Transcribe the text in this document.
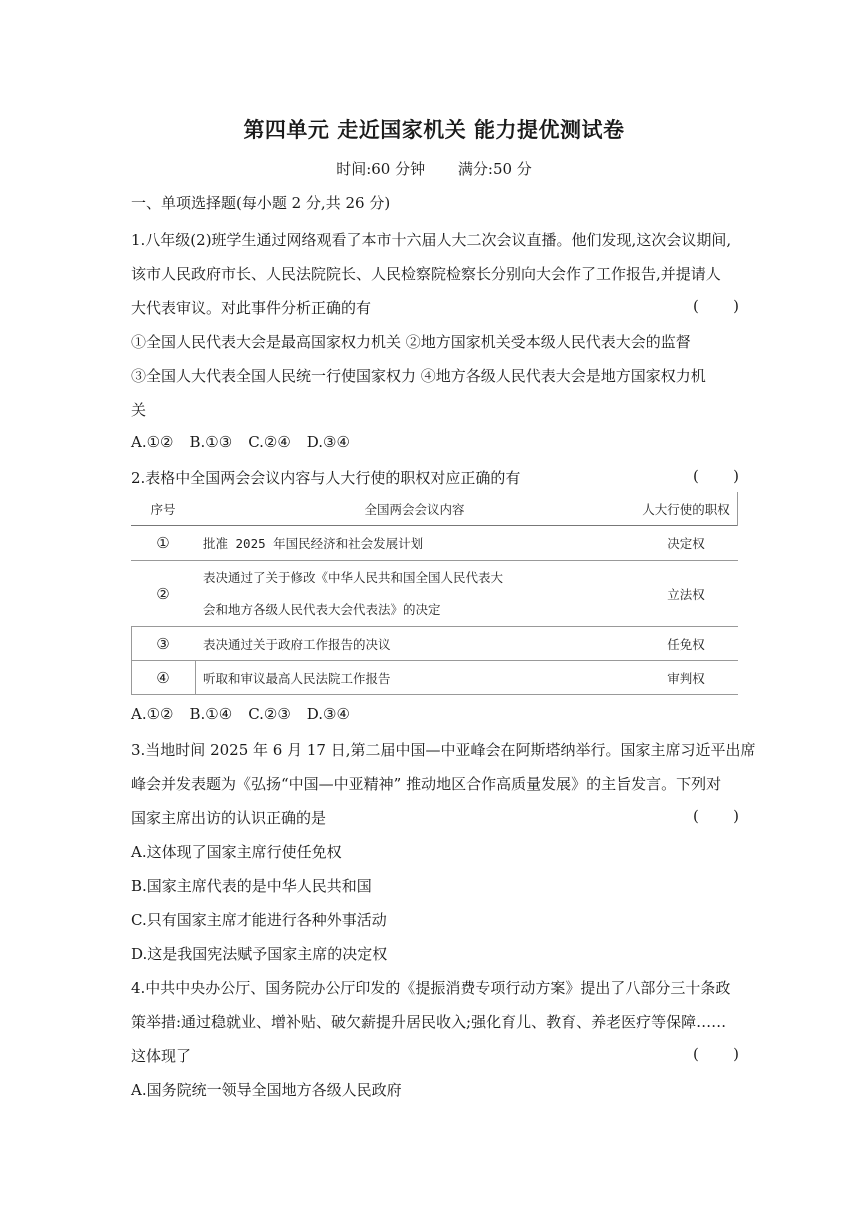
第四单元 走近国家机关 能力提优测试卷
时间:60 分钟 满分:50 分
一、单项选择题(每小题 2 分,共 26 分)
1.八年级(2)班学生通过网络观看了本市十六届人大二次会议直播。他们发现,这次会议期间,
该市人民政府市长、人民法院院长、人民检察院检察长分别向大会作了工作报告,并提请人
大代表审议。对此事件分析正确的有	( )
①全国人民代表大会是最高国家权力机关 ②地方国家机关受本级人民代表大会的监督
③全国人大代表全国人民统一行使国家权力 ④地方各级人民代表大会是地方国家权力机
关
A.①② B.①③ C.②④ D.③④
2.表格中全国两会会议内容与人大行使的职权对应正确的有	( )
序号	全国两会会议内容	人大行使的职权
①	批准 2025 年国民经济和社会发展计划	决定权
②	表决通过了关于修改《中华人民共和国全国人民代表大
会和地方各级人民代表大会代表法》的决定	立法权
③	表决通过关于政府工作报告的决议	任免权
④	听取和审议最高人民法院工作报告	审判权
A.①② B.①④ C.②③ D.③④
3.当地时间 2025 年 6 月 17 日,第二届中国—中亚峰会在阿斯塔纳举行。国家主席习近平出席
峰会并发表题为《弘扬“中国—中亚精神” 推动地区合作高质量发展》的主旨发言。下列对
国家主席出访的认识正确的是	( )
A.这体现了国家主席行使任免权
B.国家主席代表的是中华人民共和国
C.只有国家主席才能进行各种外事活动
D.这是我国宪法赋予国家主席的决定权
4.中共中央办公厅、国务院办公厅印发的《提振消费专项行动方案》提出了八部分三十条政
策举措:通过稳就业、增补贴、破欠薪提升居民收入;强化育儿、教育、养老医疗等保障……
这体现了	( )
A.国务院统一领导全国地方各级人民政府
